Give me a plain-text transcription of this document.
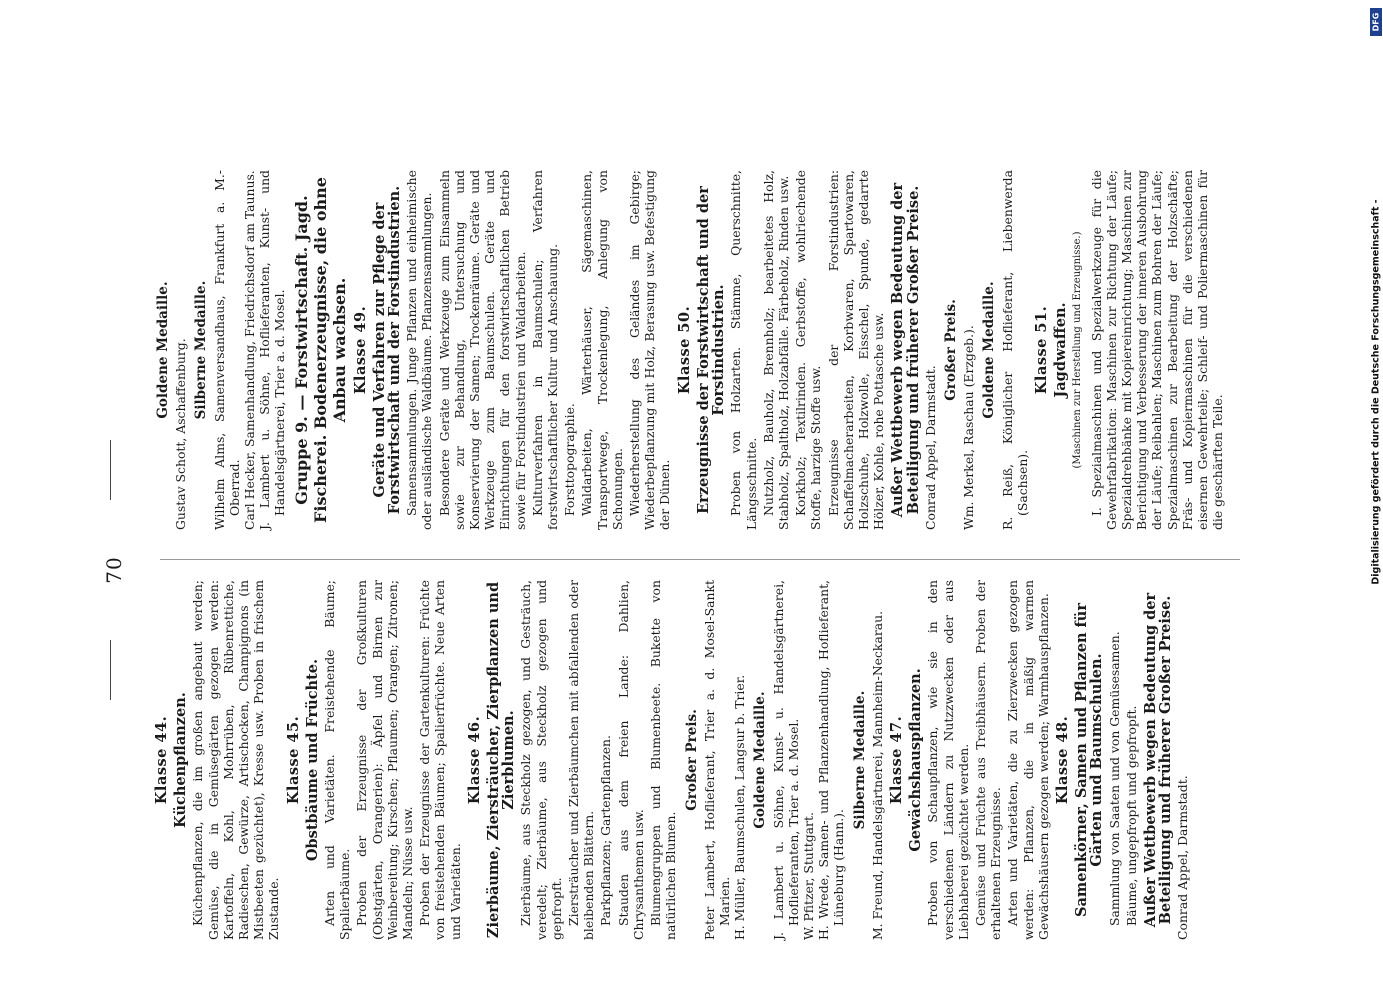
70
Klasse 44. Küchenpflanzen. Küchenpflanzen, die im großen angebaut werden; Gemüse, die in Gemüsegärten gezogen werden: Kartoffeln, Kohl, Mohrrüben, Rübenrettiche, Radieschen, Gewürze, Artischocken, Champignons (in Mistbeeten gezüchtet), Kresse usw. Proben in frischem Zustande.
Klasse 45. Obstbäume und Früchte. Arten und Varietäten. Freistehende Bäume; Spalierbäume. Proben der Erzeugnisse der Großkulturen (Obstgärten, Orangerien): Äpfel und Birnen zur Weinbereitung; Kirschen; Pflaumen; Orangen; Zitronen; Mandeln; Nüsse usw. Proben der Erzeugnisse der Gartenkulturen: Früchte von freistehenden Bäumen; Spalierfrüchte. Neue Arten und Varietäten.
Klasse 46. Zierbäume, Ziersträucher, Zierpflanzen und Zierblumen. Zierbäume, aus Steckholz gezogen, und Gesträuch, veredelt; Zierbäume, aus Steckholz gezogen und gepfropft. Ziersträucher und Zierbäumchen mit abfallenden oder bleibenden Blättern. Parkpflanzen; Gartenpflanzen. Stauden aus dem freien Lande: Dahlien, Chrysanthemen usw. Blumengruppen und Blumenbeete. Bukette von natürlichen Blumen.
Großer Preis. Peter Lambert, Hoflieferant, Trier a. d. Mosel-Sankt Marien. H. Müller, Baumschulen, Langsur b. Trier. Goldene Medaille. J. Lambert u. Söhne, Kunst- u. Handelsgärtnerei, Hoflieferanten, Trier a. d. Mosel. W. Pfitzer, Stuttgart. H. Wrede, Samen- und Pflanzenhandlung, Hoflieferant, Lüneburg (Hann.).
Silberne Medaille. M. Freund, Handelsgärtnerei, Mannheim-Neckarau. Klasse 47. Gewächshauspflanzen. Proben von Schaupflanzen, wie sie in den verschiedenen Ländern zu Nutzzwecken oder aus Liebhaberei gezüchtet werden. Gemüse und Früchte aus Treibhäusern. Proben der erhaltenen Erzeugnisse. Arten und Varietäten, die zu Zierzwecken gezogen werden: Pflanzen, die in mäßig warmen Gewächshäusern gezogen werden; Warmhauspflanzen. Klasse 48. Samenkörner, Samen und Pflanzen für Gärten und Baumschulen. Sammlung von Saaten und von Gemüsesamen. Bäume, ungepfropft und gepfropft. Außer Wettbewerb wegen Bedeutung der Beteiligung und früherer Großer Preise. Conrad Appel, Darmstadt.
Goldene Medaille. Gustav Schott, Aschaffenburg. Silberne Medaille. Wilhelm Alms, Samenversandhaus, Frankfurt a. M.-Oberrad. Carl Hecker, Samenhandlung, Friedrichsdorf am Taunus. J. Lambert u. Söhne, Hoflieferanten, Kunst- und Handelsgärtnerei, Trier a. d. Mosel. Gruppe 9. — Forstwirtschaft. Jagd. Fischerei. Bodenerzeugnisse, die ohne Anbau wachsen. Klasse 49. Geräte und Verfahren zur Pflege der Forstwirtschaft und der Forstindustrien. Samensammlungen. Junge Pflanzen und einheimische oder ausländische Waldbäume. Pflanzensammlungen. Besondere Geräte und Werkzeuge zum Einsammeln sowie zur Behandlung, Untersuchung und Konservierung der Samen; Trockenräume. Geräte und Werkzeuge zum Baumschulen. Geräte und Einrichtungen für den forstwirtschaftlichen Betrieb sowie für Forstindustrien und Waldarbeiten. Kulturverfahren in Baumschulen; Verfahren forstwirtschaftlicher Kultur und Anschauung. Forsttopographie. Waldarbeiten, Wärterhäuser, Sägemaschinen, Transportwege, Trockenlegung, Anlegung von Schonungen. Wiederherstellung des Geländes im Gebirge; Wiederbepflanzung mit Holz, Berasung usw. Befestigung der Dünen.
Klasse 50. Erzeugnisse der Forstwirtschaft und der Forstindustrien. Proben von Holzarten. Stämme, Querschnitte, Längsschnitte. Nutzholz, Bauholz, Brennholz; bearbeitetes Holz, Stabholz, Spaltholz, Holzabfälle. Färbeholz, Rinden usw. Korkholz; Textilrinden. Gerbstoffe, wohlriechende Stoffe, harzige Stoffe usw. Erzeugnisse der Forstindustrien: Schaffelmacherarbeiten, Korbwaren, Spartowaren, Holzschuhe, Holzwolle, Eisschel, Spunde, gedarrte Hölzer, Kohle, rohe Pottasche usw. Außer Wettbewerb wegen Bedeutung der Beteiligung und früherer Großer Preise. Conrad Appel, Darmstadt.
Großer Preis. Wm. Merkel, Raschau (Erzgeb.). Goldene Medaille. R. Reiß, Königlicher Hoflieferant, Liebenwerda (Sachsen).
Klasse 51. Jagdwaffen. (Maschinen zur Herstellung und Erzeugnisse.) I. Spezialmaschinen und Spezialwerkzeuge für die Gewehrfabrikation: Maschinen zur Richtung der Läufe; Spezialdrehbänke mit Kopiereinrichtung; Maschinen zur Berichtigung und Verbesserung der inneren Ausbohrung der Läufe; Reibahlen; Maschinen zum Bohren der Läufe; Spezialmaschinen zur Bearbeitung der Holzschäfte; Fräs- und Kopiermaschinen für die verschiedenen eisernen Gewehrteile; Schleif- und Poliermaschinen für die geschärften Teile.
DFG
Digitalisierung gefördert durch die Deutsche Forschungsgemeinschaft -
